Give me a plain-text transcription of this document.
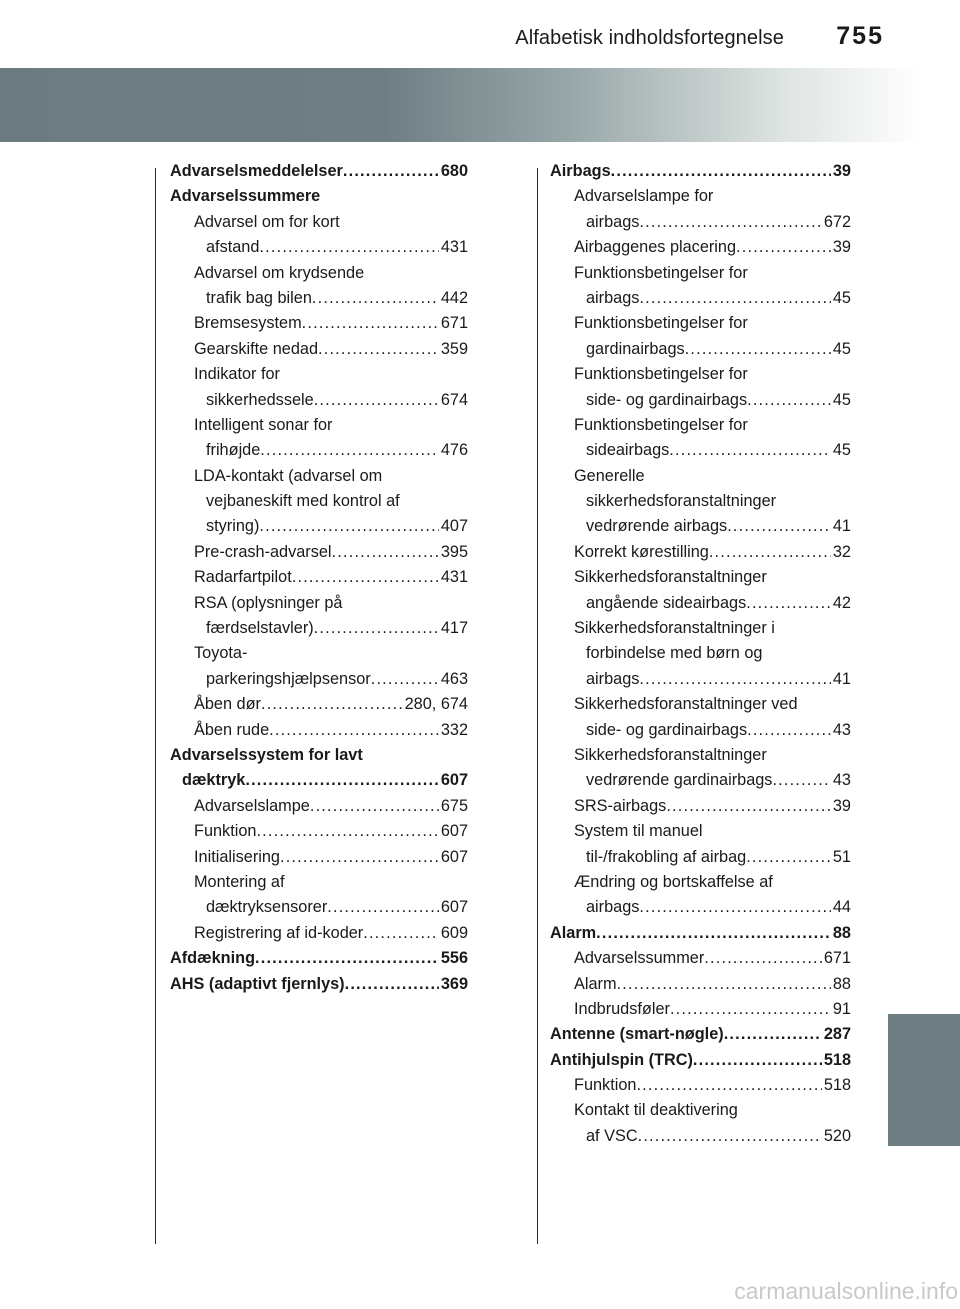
Alfabetisk indholdsfortegnelse 755
Advarselsmeddelelser .....	680
Advarselssummere
Advarsel om for kort
afstand .....	431
Advarsel om krydsende
trafik bag bilen .....	442
Bremsesystem .....	671
Gearskifte nedad .....	359
Indikator for
sikkerhedssele .....	674
Intelligent sonar for
frihøjde .....	476
LDA-kontakt (advarsel om
vejbaneskift med kontrol af
styring) .....	407
Pre-crash-advarsel .....	395
Radarfartpilot .....	431
RSA (oplysninger på
færdselstavler) .....	417
Toyota-
parkeringshjælpsensor .....	463
Åben dør .....	280, 674
Åben rude .....	332
Advarselssystem for lavt
dæktryk .....	607
Advarselslampe .....	675
Funktion .....	607
Initialisering .....	607
Montering af
dæktryksensorer .....	607
Registrering af id-koder .....	609
Afdækning .....	556
AHS (adaptivt fjernlys) .....	369
Airbags .....	39
Advarselslampe for
airbags .....	672
Airbaggenes placering .....	39
Funktionsbetingelser for
airbags .....	45
Funktionsbetingelser for
gardinairbags .....	45
Funktionsbetingelser for
side- og gardinairbags .....	45
Funktionsbetingelser for
sideairbags .....	45
Generelle
sikkerhedsforanstaltninger
vedrørende airbags .....	41
Korrekt kørestilling .....	32
Sikkerhedsforanstaltninger
angående sideairbags .....	42
Sikkerhedsforanstaltninger i
forbindelse med børn og
airbags .....	41
Sikkerhedsforanstaltninger ved
side- og gardinairbags .....	43
Sikkerhedsforanstaltninger
vedrørende gardinairbags .....	43
SRS-airbags .....	39
System til manuel
til-/frakobling af airbag .....	51
Ændring og bortskaffelse af
airbags .....	44
Alarm .....	88
Advarselssummer .....	671
Alarm .....	88
Indbrudsføler .....	91
Antenne (smart-nøgle) .....	287
Antihjulspin (TRC) .....	518
Funktion .....	518
Kontakt til deaktivering
af VSC .....	520
carmanualsonline.info
